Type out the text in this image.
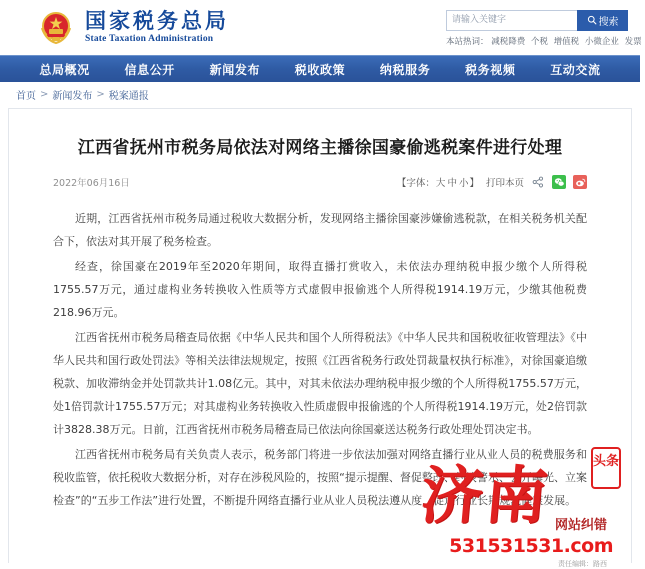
国家税务总局
State Taxation Administration
请输入关键字
搜索
本站热词： 减税降费 个税 增值税 小微企业 发票
总局概况	信息公开	新闻发布	税收政策	纳税服务	税务视频	互动交流
首页 > 新闻发布 > 税案通报
江西省抚州市税务局依法对网络主播徐国豪偷逃税案件进行处理
2022年06月16日	【字体：大 中 小】 打印本页

近期，江西省抚州市税务局通过税收大数据分析，发现网络主播徐国豪涉嫌偷逃税款，在相关税务机关配合下，依法对其开展了税务检查。

经查，徐国豪在2019年至2020年期间，取得直播打赏收入，未依法办理纳税申报少缴个人所得税1755.57万元，通过虚构业务转换收入性质等方式虚假申报偷逃个人所得税1914.19万元，少缴其他税费218.96万元。

江西省抚州市税务局稽查局依据《中华人民共和国个人所得税法》《中华人民共和国税收征收管理法》《中华人民共和国行政处罚法》等相关法律法规规定，按照《江西省税务行政处罚裁量权执行标准》，对徐国豪追缴税款、加收滞纳金并处罚款共计1.08亿元。其中，对其未依法办理纳税申报少缴的个人所得税1755.57万元，处1倍罚款计1755.57万元；对其虚构业务转换收入性质虚假申报偷逃的个人所得税1914.19万元，处2倍罚款计3828.38万元。日前，江西省抚州市税务局稽查局已依法向徐国豪送达税务行政处理处罚决定书。

江西省抚州市税务局有关负责人表示，税务部门将进一步依法加强对网络直播行业从业人员的税费服务和税收监管，依托税收大数据分析，对存在涉税风险的，按照“提示提醒、督促整改、约谈警示、公开曝光、立案检查”的“五步工作法”进行处置，不断提升网络直播行业从业人员税法遵从度，促进行业长期规范健康发展。

济南	头条
网站纠错
531531531.com
责任编辑：路西
